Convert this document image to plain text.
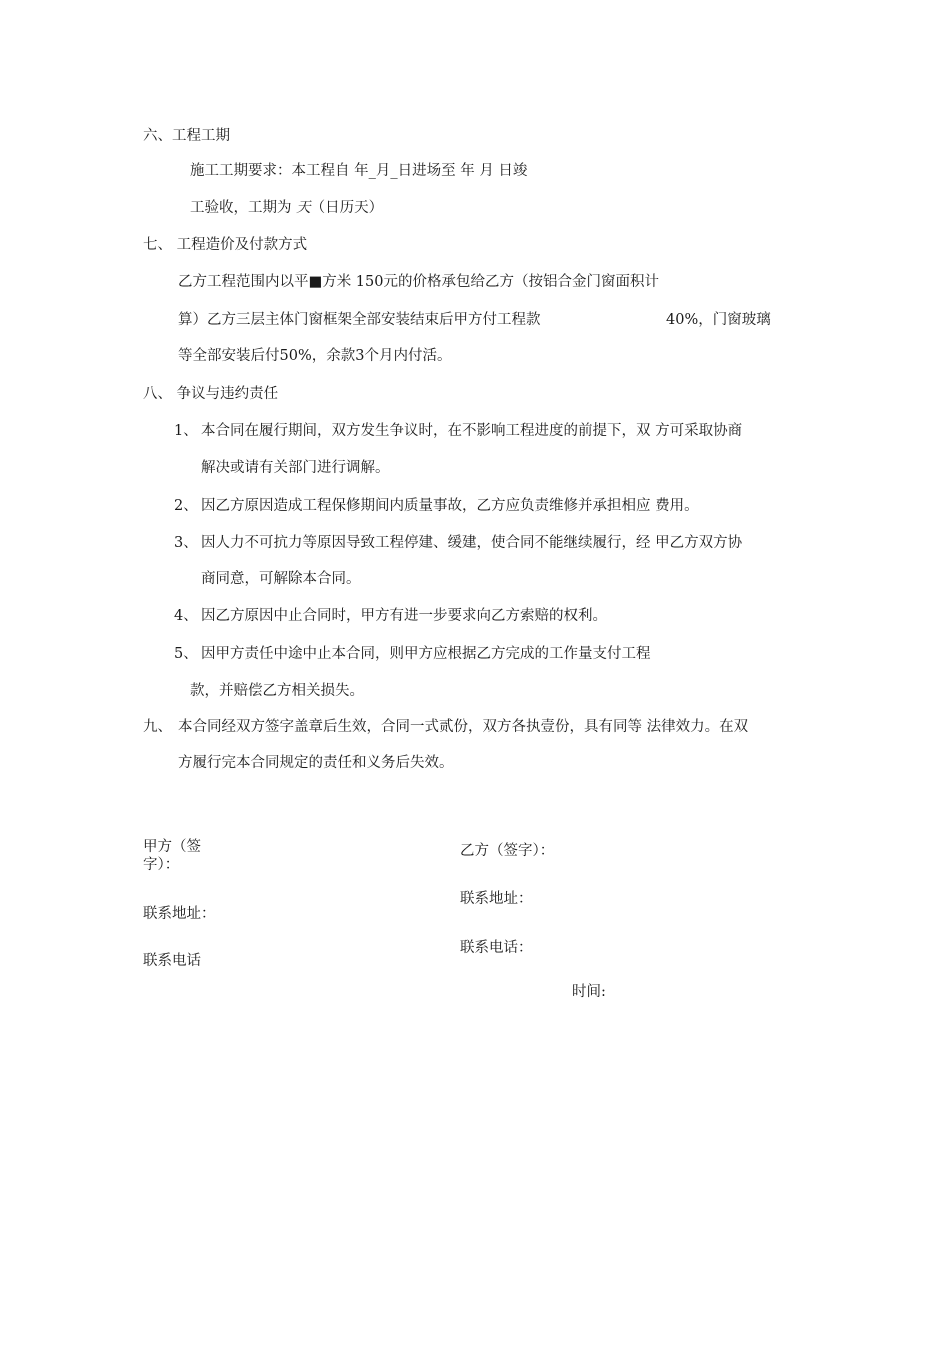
六、工程工期
施工工期要求：本工程自 年_月_日进场至 年 月 日竣
工验收，工期为 天（日历天）
七、 工程造价及付款方式
乙方工程范围内以平■方米 150元的价格承包给乙方（按铝合金门窗面积计
算）乙方三层主体门窗框架全部安装结束后甲方付工程款	40%，门窗玻璃
等全部安装后付50%，余款3个月内付活。
八、 争议与违约责任
1、 本合同在履行期间，双方发生争议时，在不影响工程进度的前提下，双 方可采取协商
解决或请有关部门进行调解。
2、 因乙方原因造成工程保修期间内质量事故，乙方应负责维修并承担相应 费用。
3、 因人力不可抗力等原因导致工程停建、缓建，使合同不能继续履行，经 甲乙方双方协
商同意，可解除本合同。
4、 因乙方原因中止合同时，甲方有进一步要求向乙方索赔的权利。
5、 因甲方责任中途中止本合同，则甲方应根据乙方完成的工作量支付工程
款，并赔偿乙方相关损失。
九、 本合同经双方签字盖章后生效，合同一式贰份，双方各执壹份，具有同等 法律效力。在双
方履行完本合同规定的责任和义务后失效。
甲方（签
字）：
联系地址：
联系电话
乙方（签字）：
联系地址：
联系电话：
时间:
